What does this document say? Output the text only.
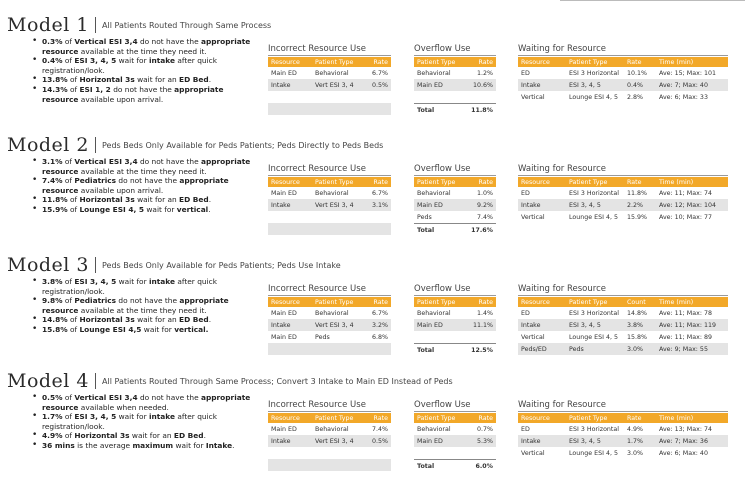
Model 1 All Patients Routed Through Same Process
• 0.3% of Vertical ESI 3,4 do not have the appropriate resource available at the time they need it.
• 0.4% of ESI 3, 4, 5 wait for intake after quick registration/look.
• 13.8% of Horizontal 3s wait for an ED Bed.
• 14.3% of ESI 1, 2 do not have the appropriate resource available upon arrival.
Incorrect Resource Use
Resource	Patient Type	Rate
Main ED	Behavioral	6.7%
Intake	Vert ESI 3, 4	0.5%

Overflow Use
Patient Type	Rate
Behavioral	1.2%
Main ED	10.6%

Total	11.8%
Waiting for Resource
Resource	Patient Type	Rate	Time (min)
ED	ESI 3 Horizontal	10.1%	Ave: 15; Max: 101
Intake	ESI 3, 4, 5	0.4%	Ave: 7; Max: 40
Vertical	Lounge ESI 4, 5	2.8%	Ave: 6; Max: 33
Model 2 Peds Beds Only Available for Peds Patients; Peds Directly to Peds Beds
• 3.1% of Vertical ESI 3,4 do not have the appropriate resource available at the time they need it.
• 7.4% of Pediatrics do not have the appropriate resource available upon arrival.
• 11.8% of Horizontal 3s wait for an ED Bed.
• 15.9% of Lounge ESI 4, 5 wait for vertical.
Incorrect Resource Use
Resource	Patient Type	Rate
Main ED	Behavioral	6.7%
Intake	Vert ESI 3, 4	3.1%

Overflow Use
Patient Type	Rate
Behavioral	1.0%
Main ED	9.2%
Peds	7.4%
Total	17.6%
Waiting for Resource
Resource	Patient Type	Rate	Time (min)
ED	ESI 3 Horizontal	11.8%	Ave: 11; Max: 74
Intake	ESI 3, 4, 5	2.2%	Ave: 12; Max: 104
Vertical	Lounge ESI 4, 5	15.9%	Ave: 10; Max: 77
Model 3 Peds Beds Only Available for Peds Patients; Peds Use Intake
• 3.8% of ESI 3, 4, 5 wait for intake after quick registration/look.
• 9.8% of Pediatrics do not have the appropriate resource available at the time they need it.
• 14.8% of Horizontal 3s wait for an ED Bed.
• 15.8% of Lounge ESI 4,5 wait for vertical.
Incorrect Resource Use
Resource	Patient Type	Rate
Main ED	Behavioral	6.7%
Intake	Vert ESI 3, 4	3.2%
Main ED	Peds	6.8%

Overflow Use
Patient Type	Rate
Behavioral	1.4%
Main ED	11.1%

Total	12.5%
Waiting for Resource
Resource	Patient Type	Count	Time (min)
ED	ESI 3 Horizontal	14.8%	Ave: 11; Max: 78
Intake	ESI 3, 4, 5	3.8%	Ave: 11; Max: 119
Vertical	Lounge ESI 4, 5	15.8%	Ave: 11; Max: 89
Peds/ED	Peds	3.0%	Ave: 9; Max: 55
Model 4 All Patients Routed Through Same Process; Convert 3 Intake to Main ED Instead of Peds
• 0.5% of Vertical ESI 3,4 do not have the appropriate resource available when needed.
• 1.7% of ESI 3, 4, 5 wait for intake after quick registration/look.
• 4.9% of Horizontal 3s wait for an ED Bed.
• 36 mins is the average maximum wait for Intake.
Incorrect Resource Use
Resource	Patient Type	Rate
Main ED	Behavioral	7.4%
Intake	Vert ESI 3, 4	0.5%

Overflow Use
Patient Type	Rate
Behavioral	0.7%
Main ED	5.3%

Total	6.0%
Waiting for Resource
Resource	Patient Type	Rate	Time (min)
ED	ESI 3 Horizontal	4.9%	Ave: 13; Max: 74
Intake	ESI 3, 4, 5	1.7%	Ave: 7; Max: 36
Vertical	Lounge ESI 4, 5	3.0%	Ave: 6; Max: 40
